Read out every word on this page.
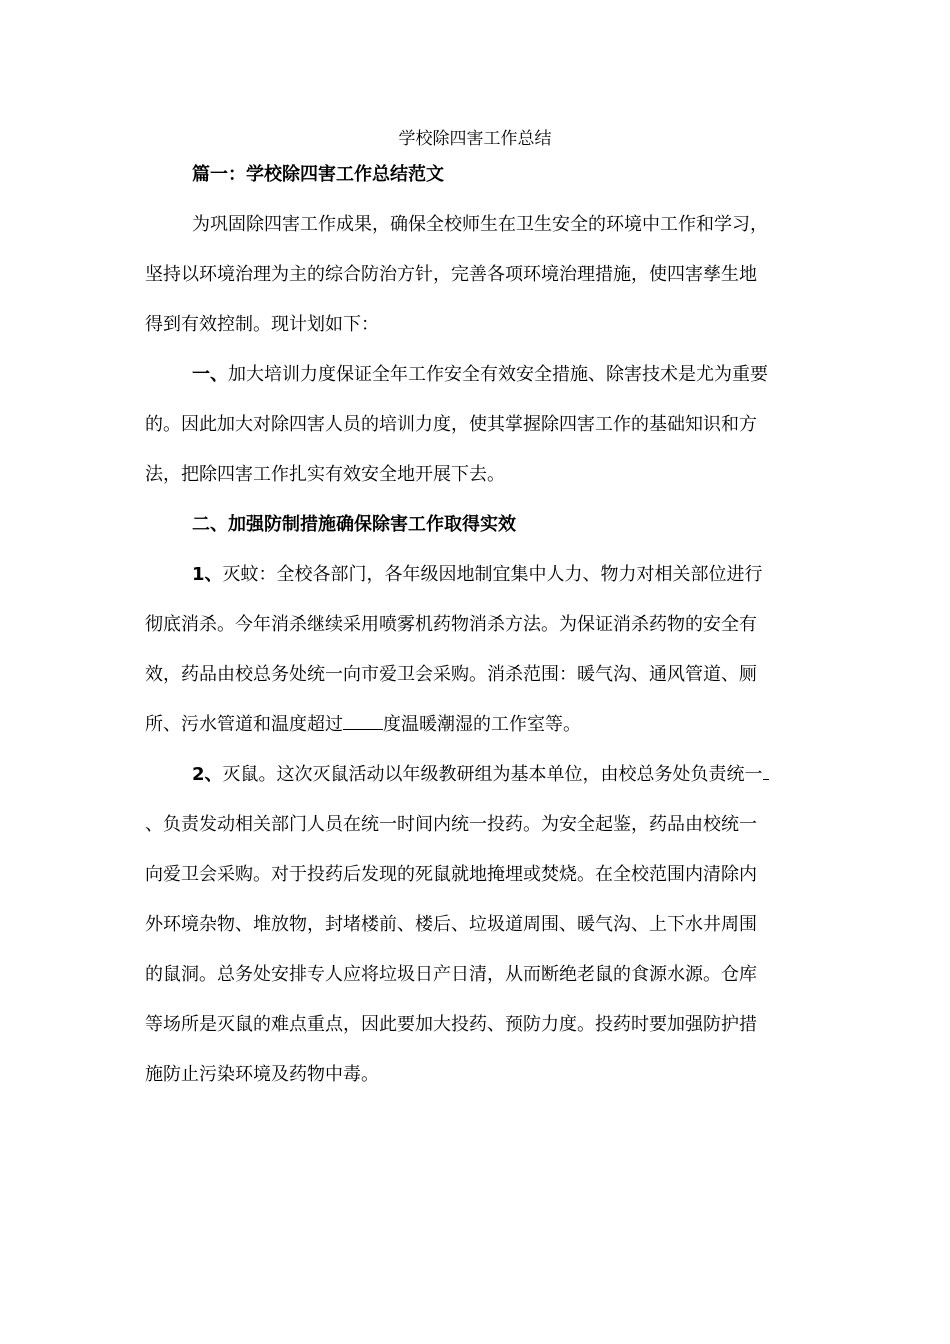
学校除四害工作总结
篇一：学校除四害工作总结范文
为巩固除四害工作成果，确保全校师生在卫生安全的环境中工作和学习，
坚持以环境治理为主的综合防治方针，完善各项环境治理措施，使四害孳生地
得到有效控制。现计划如下：
一、加大培训力度保证全年工作安全有效安全措施、除害技术是尤为重要
的。因此加大对除四害人员的培训力度，使其掌握除四害工作的基础知识和方
法，把除四害工作扎实有效安全地开展下去。
二、加强防制措施确保除害工作取得实效
1、灭蚊：全校各部门，各年级因地制宜集中人力、物力对相关部位进行
彻底消杀。今年消杀继续采用喷雾机药物消杀方法。为保证消杀药物的安全有
效，药品由校总务处统一向市爱卫会采购。消杀范围：暖气沟、通风管道、厕
所、污水管道和温度超过 度温暖潮湿的工作室等。
2、灭鼠。这次灭鼠活动以年级教研组为基本单位，由校总务处负责统一
、负责发动相关部门人员在统一时间内统一投药。为安全起鉴，药品由校统一
向爱卫会采购。对于投药后发现的死鼠就地掩埋或焚烧。在全校范围内清除内
外环境杂物、堆放物，封堵楼前、楼后、垃圾道周围、暖气沟、上下水井周围
的鼠洞。总务处安排专人应将垃圾日产日清，从而断绝老鼠的食源水源。仓库
等场所是灭鼠的难点重点，因此要加大投药、预防力度。投药时要加强防护措
施防止污染环境及药物中毒。
